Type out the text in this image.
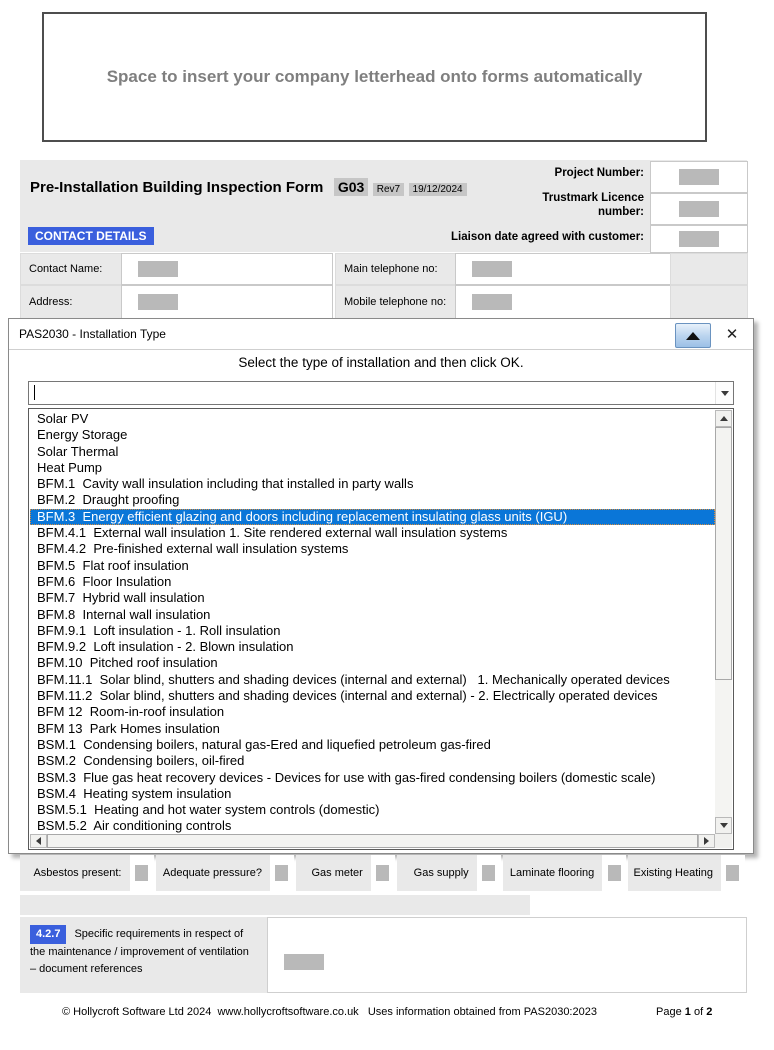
Space to insert your company letterhead onto forms automatically

Pre-Installation Building Inspection Form G03 Rev7 19/12/2024
Project Number:
Trustmark Licence
number:
Liaison date agreed with customer:
CONTACT DETAILS
Contact Name:	Main telephone no:
Address:	Mobile telephone no:
PAS2030 - Installation Type	✕
Select the type of installation and then click OK.
Solar PV
Energy Storage
Solar Thermal
Heat Pump
BFM.1  Cavity wall insulation including that installed in party walls
BFM.2  Draught proofing
BFM.3  Energy efficient glazing and doors including replacement insulating glass units (IGU)
BFM.4.1  External wall insulation 1. Site rendered external wall insulation systems
BFM.4.2  Pre-finished external wall insulation systems
BFM.5  Flat roof insulation
BFM.6  Floor Insulation
BFM.7  Hybrid wall insulation
BFM.8  Internal wall insulation
BFM.9.1  Loft insulation - 1. Roll insulation
BFM.9.2  Loft insulation - 2. Blown insulation
BFM.10  Pitched roof insulation
BFM.11.1  Solar blind, shutters and shading devices (internal and external)   1. Mechanically operated devices
BFM.11.2  Solar blind, shutters and shading devices (internal and external) - 2. Electrically operated devices
BFM 12  Room-in-roof insulation
BFM 13  Park Homes insulation
BSM.1  Condensing boilers, natural gas-Ered and liquefied petroleum gas-fired
BSM.2  Condensing boilers, oil-fired
BSM.3  Flue gas heat recovery devices - Devices for use with gas-fired condensing boilers (domestic scale)
BSM.4  Heating system insulation
BSM.5.1  Heating and hot water system controls (domestic)
BSM.5.2  Air conditioning controls
Asbestos present:	Adequate pressure?	Gas meter	Gas supply	Laminate flooring	Existing Heating
4.2.7 Specific requirements in respect of the maintenance / improvement of ventilation – document references
© Hollycroft Software Ltd 2024 www.hollycroftsoftware.co.uk Uses information obtained from PAS2030:2023	Page 1 of 2
